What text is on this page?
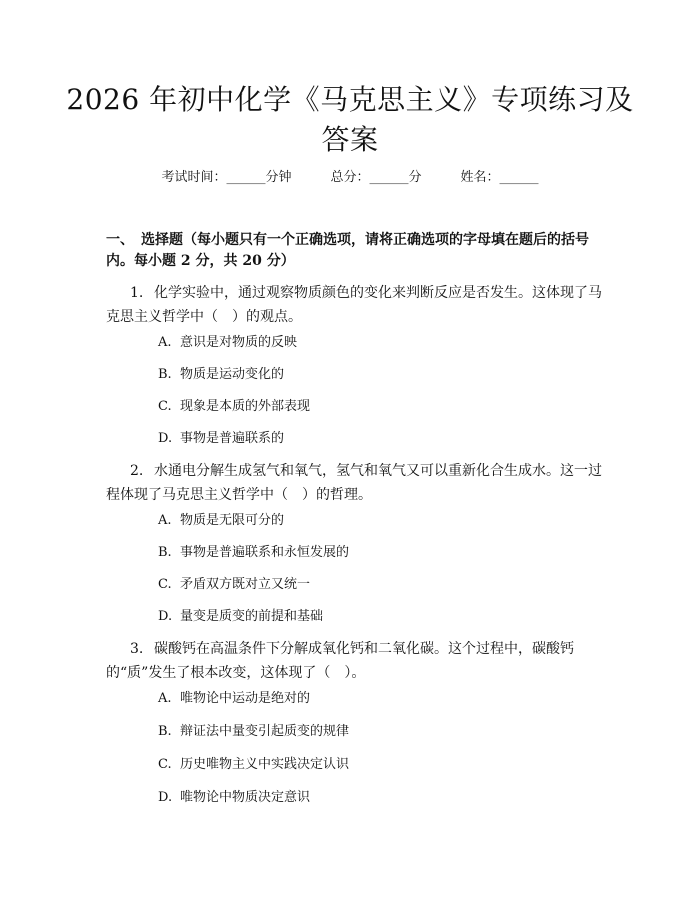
2026 年初中化学《马克思主义》专项练习及答案
考试时间：______分钟　　　	总分：______分　　　	姓名：______
一、　选择题（每小题只有一个正确选项，请将正确选项的字母填在题后的括号内。每小题 2 分，共 20 分）
1. 化学实验中，通过观察物质颜色的变化来判断反应是否发生。这体现了马克思主义哲学中（　）的观点。
A. 意识是对物质的反映
B. 物质是运动变化的
C. 现象是本质的外部表现
D. 事物是普遍联系的
2. 水通电分解生成氢气和氧气，氢气和氧气又可以重新化合生成水。这一过程体现了马克思主义哲学中（　）的哲理。
A. 物质是无限可分的
B. 事物是普遍联系和永恒发展的
C. 矛盾双方既对立又统一
D. 量变是质变的前提和基础
3. 碳酸钙在高温条件下分解成氧化钙和二氧化碳。这个过程中，碳酸钙的“质”发生了根本改变，这体现了（　）。
A. 唯物论中运动是绝对的
B. 辩证法中量变引起质变的规律
C. 历史唯物主义中实践决定认识
D. 唯物论中物质决定意识
